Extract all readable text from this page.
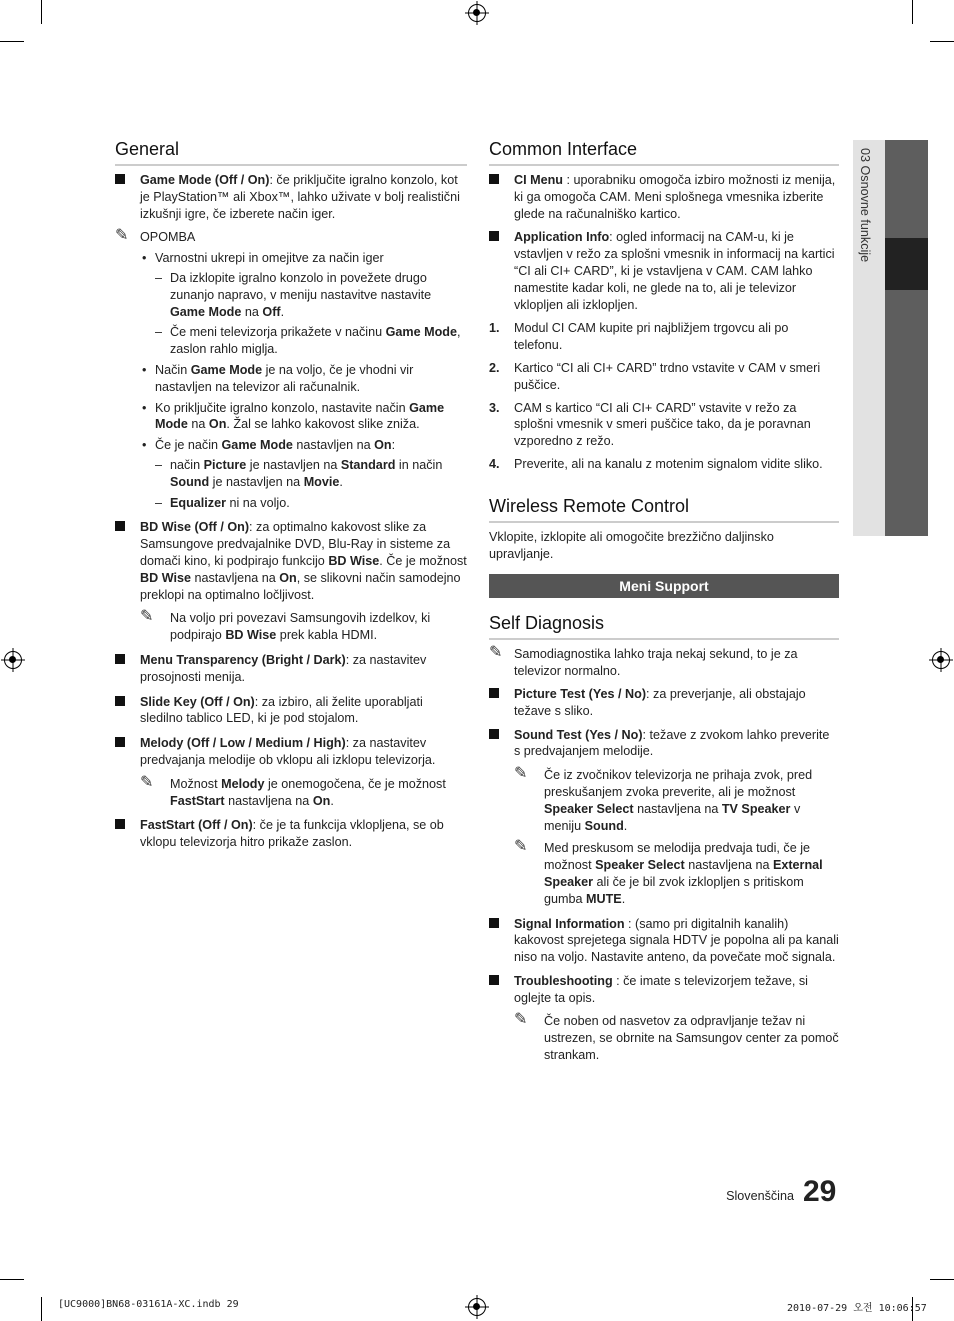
03 Osnovne funkcije
General
Game Mode (Off / On): če priključite igralno konzolo, kot je PlayStation™ ali Xbox™, lahko uživate v bolj realističnі izkušnji igre, če izberete način iger.
✎ OPOMBA
• Varnostni ukrepi in omejitve za način iger
– Da izklopite igralno konzolo in povežete drugo zunanjo napravo, v meniju nastavitve nastavite Game Mode na Off.
– Če meni televizorja prikažete v načinu Game Mode, zaslon rahlo miglja.
• Način Game Mode je na voljo, če je vhodni vir nastavljen na televizor ali računalnik.
• Ko priključite igralno konzolo, nastavite način Game Mode na On. Žal se lahko kakovost slike zniža.
• Če je način Game Mode nastavljen na On:
– način Picture je nastavljen na Standard in način Sound je nastavljen na Movie.
– Equalizer ni na voljo.
BD Wise (Off / On): za optimalno kakovost slike za Samsungove predvajalnike DVD, Blu-Ray in sisteme za domači kino, ki podpirajo funkcijo BD Wise. Če je možnost BD Wise nastavljena na On, se slikovni način samodejno preklopi na optimalno ločljivost.
✎ Na voljo pri povezavi Samsungovih izdelkov, ki podpirajo BD Wise prek kabla HDMI.
Menu Transparency (Bright / Dark): za nastavitev prosojnosti menija.
Slide Key (Off / On): za izbiro, ali želite uporabljati sledilno tablico LED, ki je pod stojalom.
Melody (Off / Low / Medium / High): za nastavitev predvajanja melodije ob vklopu ali izklopu televizorja.
✎ Možnost Melody je onemogočena, če je možnost FastStart nastavljena na On.
FastStart (Off / On): če je ta funkcija vklopljena, se ob vklopu televizorja hitro prikaže zaslon.
Common Interface
CI Menu : uporabniku omogoča izbiro možnosti iz menija, ki ga omogoča CAM. Meni splošnega vmesnika izberite glede na računalniško kartico.
Application Info: ogled informacij na CAM-u, ki je vstavljen v režo za splošni vmesnik in informacij na kartici “CI ali CI+ CARD”, ki je vstavljena v CAM. CAM lahko namestite kadar koli, ne glede na to, ali je televizor vklopljen ali izklopljen.
1. Modul CI CAM kupite pri najbližjem trgovcu ali po telefonu.
2. Kartico “CI ali CI+ CARD” trdno vstavite v CAM v smeri puščice.
3. CAM s kartico “CI ali CI+ CARD” vstavite v režo za splošni vmesnik v smeri puščice tako, da je poravnan vzporedno z režo.
4. Preverite, ali na kanalu z motenim signalom vidite sliko.
Wireless Remote Control
Vklopite, izklopite ali omogočite brezžično daljinsko upravljanje.
Meni Support
Self Diagnosis
✎ Samodiagnostika lahko traja nekaj sekund, to je za televizor normalno.
Picture Test (Yes / No): za preverjanje, ali obstajajo težave s sliko.
Sound Test (Yes / No): težave z zvokom lahko preverite s predvajanjem melodije.
✎ Če iz zvočnikov televizorja ne prihaja zvok, pred preskušanjem zvoka preverite, ali je možnost Speaker Select nastavljena na TV Speaker v meniju Sound.
✎ Med preskusom se melodija predvaja tudi, če je možnost Speaker Select nastavljena na External Speaker ali če je bil zvok izklopljen s pritiskom gumba MUTE.
Signal Information : (samo pri digitalnih kanalih) kakovost sprejetega signala HDTV je popolna ali pa kanali niso na voljo. Nastavite anteno, da povečate moč signala.
Troubleshooting : če imate s televizorjem težave, si oglejte ta opis.
✎ Če noben od nasvetov za odpravljanje težav ni ustrezen, se obrnite na Samsungov center za pomoč strankam.
Slovenščina 29
[UC9000]BN68-03161A-XC.indb 29	2010-07-29 오전 10:06:57
